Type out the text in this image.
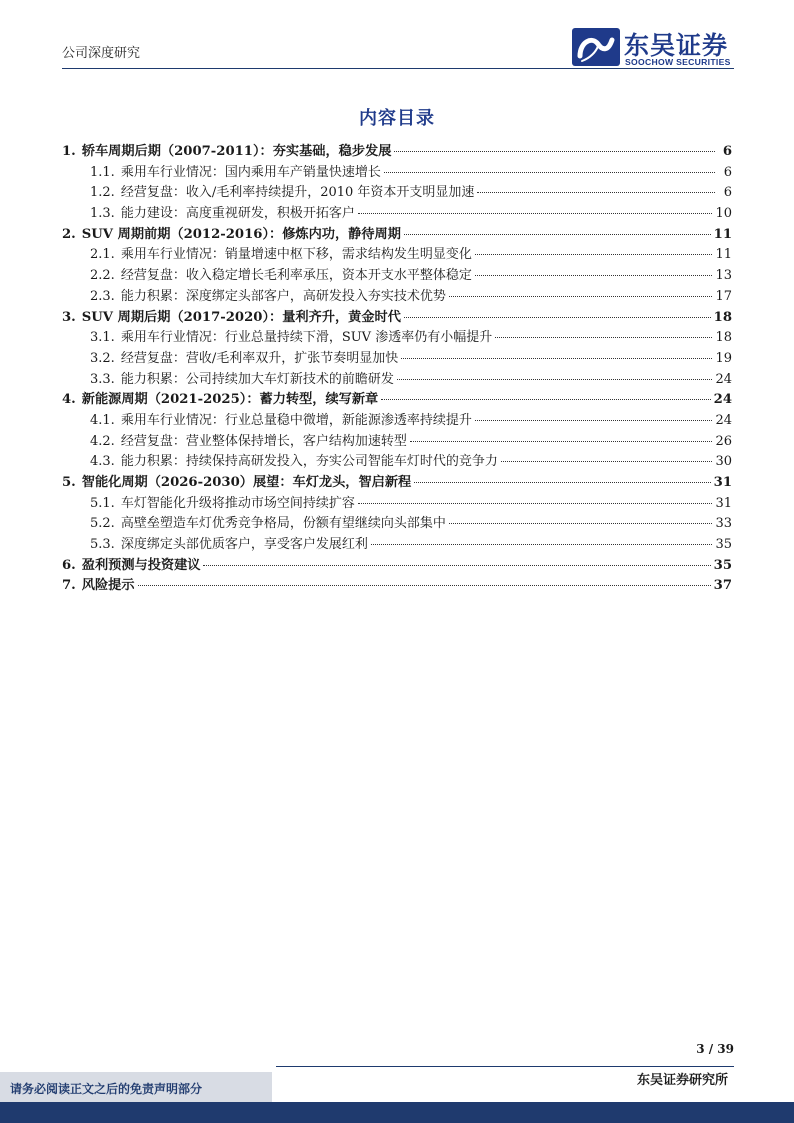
公司深度研究	东吴证券
SOOCHOW SECURITIES
内容目录
1. 轿车周期后期（2007-2011）：夯实基础，稳步发展	6
1.1. 乘用车行业情况：国内乘用车产销量快速增长	6
1.2. 经营复盘：收入/毛利率持续提升，2010 年资本开支明显加速	6
1.3. 能力建设：高度重视研发，积极开拓客户	10
2. SUV 周期前期（2012-2016）：修炼内功，静待周期	11
2.1. 乘用车行业情况：销量增速中枢下移，需求结构发生明显变化	11
2.2. 经营复盘：收入稳定增长毛利率承压，资本开支水平整体稳定	13
2.3. 能力积累：深度绑定头部客户，高研发投入夯实技术优势	17
3. SUV 周期后期（2017-2020）：量利齐升，黄金时代	18
3.1. 乘用车行业情况：行业总量持续下滑，SUV 渗透率仍有小幅提升	18
3.2. 经营复盘：营收/毛利率双升，扩张节奏明显加快	19
3.3. 能力积累：公司持续加大车灯新技术的前瞻研发	24
4. 新能源周期（2021-2025）：蓄力转型，续写新章	24
4.1. 乘用车行业情况：行业总量稳中微增，新能源渗透率持续提升	24
4.2. 经营复盘：营业整体保持增长，客户结构加速转型	26
4.3. 能力积累：持续保持高研发投入，夯实公司智能车灯时代的竞争力	30
5. 智能化周期（2026-2030）展望：车灯龙头，智启新程	31
5.1. 车灯智能化升级将推动市场空间持续扩容	31
5.2. 高壁垒塑造车灯优秀竞争格局，份额有望继续向头部集中	33
5.3. 深度绑定头部优质客户，享受客户发展红利	35
6. 盈利预测与投资建议	35
7. 风险提示	37
3 / 39
东吴证券研究所
请务必阅读正文之后的免责声明部分
